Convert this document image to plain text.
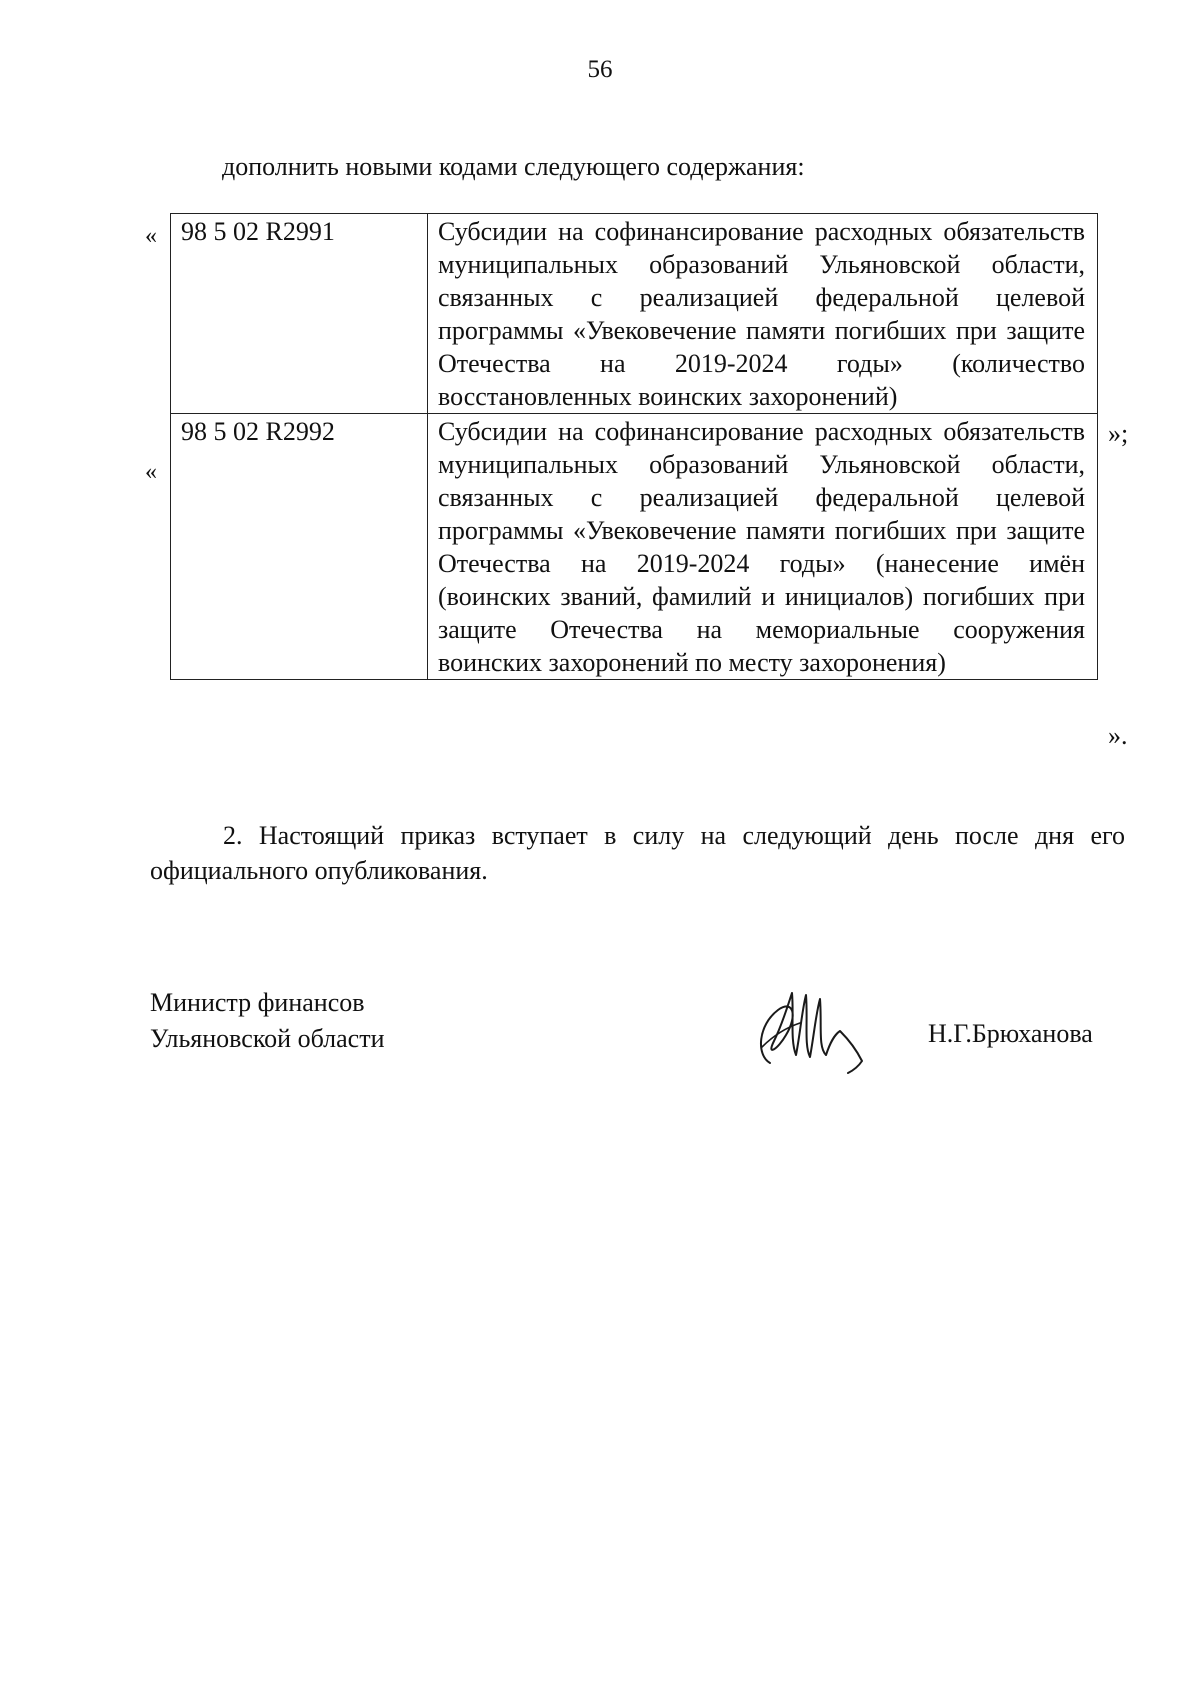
56
дополнить новыми кодами следующего содержания:
«
»;
«
».
98 5 02 R2991	Субсидии на софинансирование расходных обязательств муниципальных образований Ульяновской области, связанных с реализацией федеральной целевой программы «Увековечение памяти погибших при защите Отечества на 2019-2024 годы» (количество восстановленных воинских захоронений)
98 5 02 R2992	Субсидии на софинансирование расходных обязательств муниципальных образований Ульяновской области, связанных с реализацией федеральной целевой программы «Увековечение памяти погибших при защите Отечества на 2019-2024 годы» (нанесение имён (воинских званий, фамилий и инициалов) погибших при защите Отечества на мемориальные сооружения воинских захоронений по месту захоронения)
2. Настоящий приказ вступает в силу на следующий день после дня его официального опубликования.
Министр финансов
Ульяновской области	Н.Г.Брюханова
